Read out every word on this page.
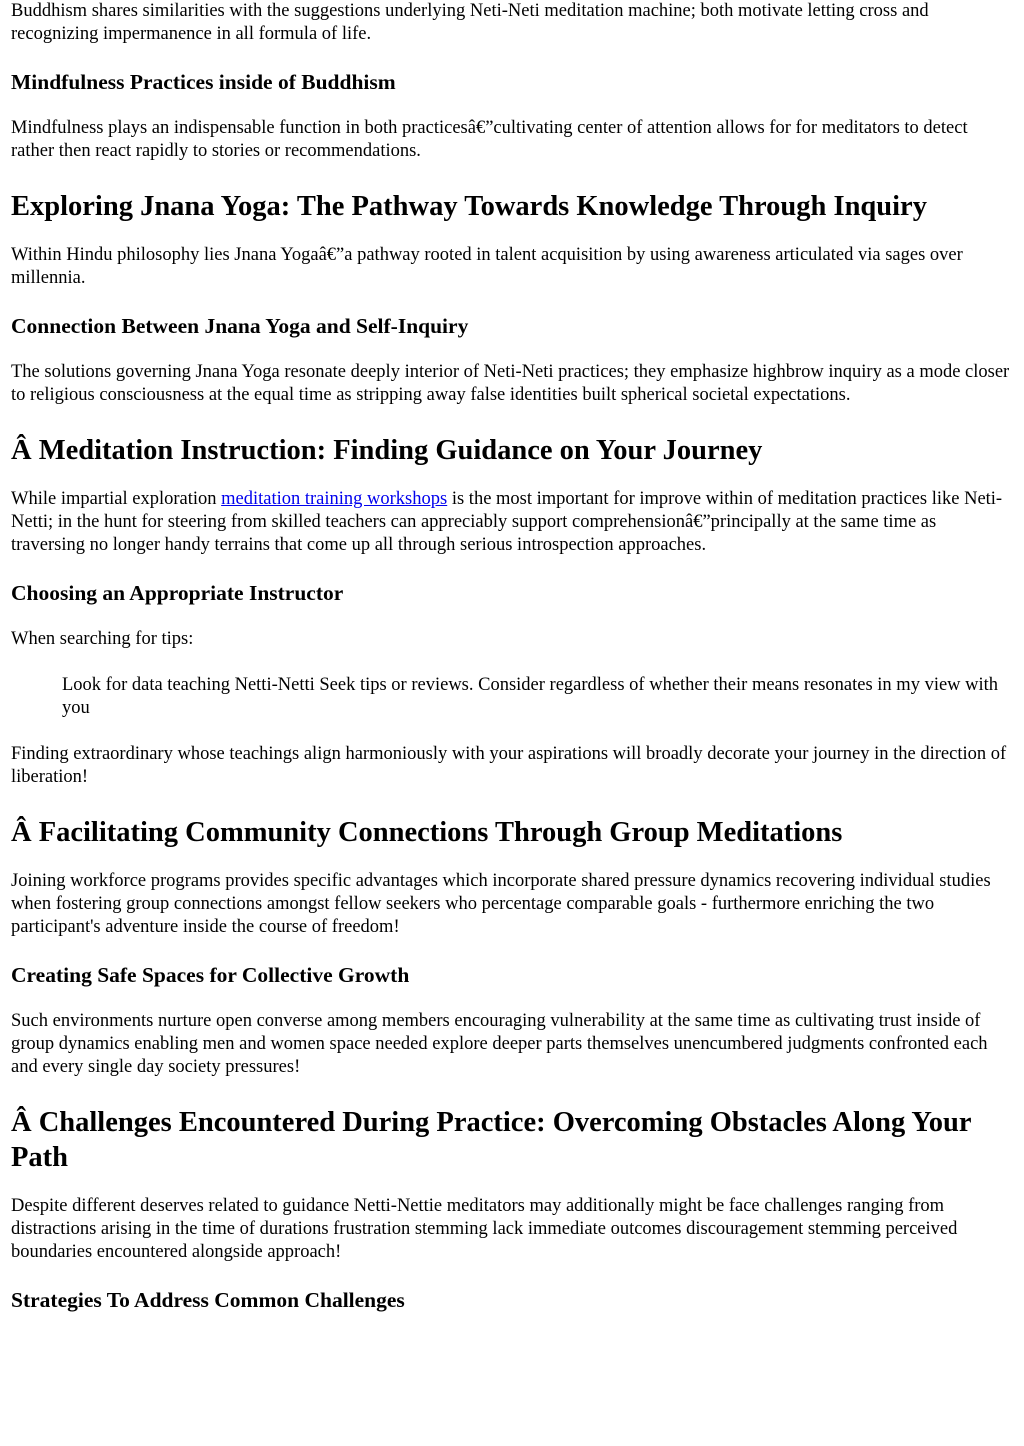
Buddhism shares similarities with the suggestions underlying Neti-Neti meditation machine; both motivate letting cross and recognizing impermanence in all formula of life.

Mindfulness Practices inside of Buddhism

Mindfulness plays an indispensable function in both practicesâ€”cultivating center of attention allows for for meditators to detect rather then react rapidly to stories or recommendations.

Exploring Jnana Yoga: The Pathway Towards Knowledge Through Inquiry

Within Hindu philosophy lies Jnana Yogaâ€”a pathway rooted in talent acquisition by using awareness articulated via sages over millennia.

Connection Between Jnana Yoga and Self-Inquiry

The solutions governing Jnana Yoga resonate deeply interior of Neti-Neti practices; they emphasize highbrow inquiry as a mode closer to religious consciousness at the equal time as stripping away false identities built spherical societal expectations.

Â Meditation Instruction: Finding Guidance on Your Journey

While impartial exploration meditation training workshops is the most important for improve within of meditation practices like Neti-Netti; in the hunt for steering from skilled teachers can appreciably support comprehensionâ€”principally at the same time as traversing no longer handy terrains that come up all through serious introspection approaches.

Choosing an Appropriate Instructor

When searching for tips:

Look for data teaching Netti-Netti Seek tips or reviews. Consider regardless of whether their means resonates in my view with you

Finding extraordinary whose teachings align harmoniously with your aspirations will broadly decorate your journey in the direction of liberation!

Â Facilitating Community Connections Through Group Meditations

Joining workforce programs provides specific advantages which incorporate shared pressure dynamics recovering individual studies when fostering group connections amongst fellow seekers who percentage comparable goals - furthermore enriching the two participant's adventure inside the course of freedom!

Creating Safe Spaces for Collective Growth

Such environments nurture open converse among members encouraging vulnerability at the same time as cultivating trust inside of group dynamics enabling men and women space needed explore deeper parts themselves unencumbered judgments confronted each and every single day society pressures!

Â Challenges Encountered During Practice: Overcoming Obstacles Along Your Path

Despite different deserves related to guidance Netti-Nettie meditators may additionally might be face challenges ranging from distractions arising in the time of durations frustration stemming lack immediate outcomes discouragement stemming perceived boundaries encountered alongside approach!

Strategies To Address Common Challenges
